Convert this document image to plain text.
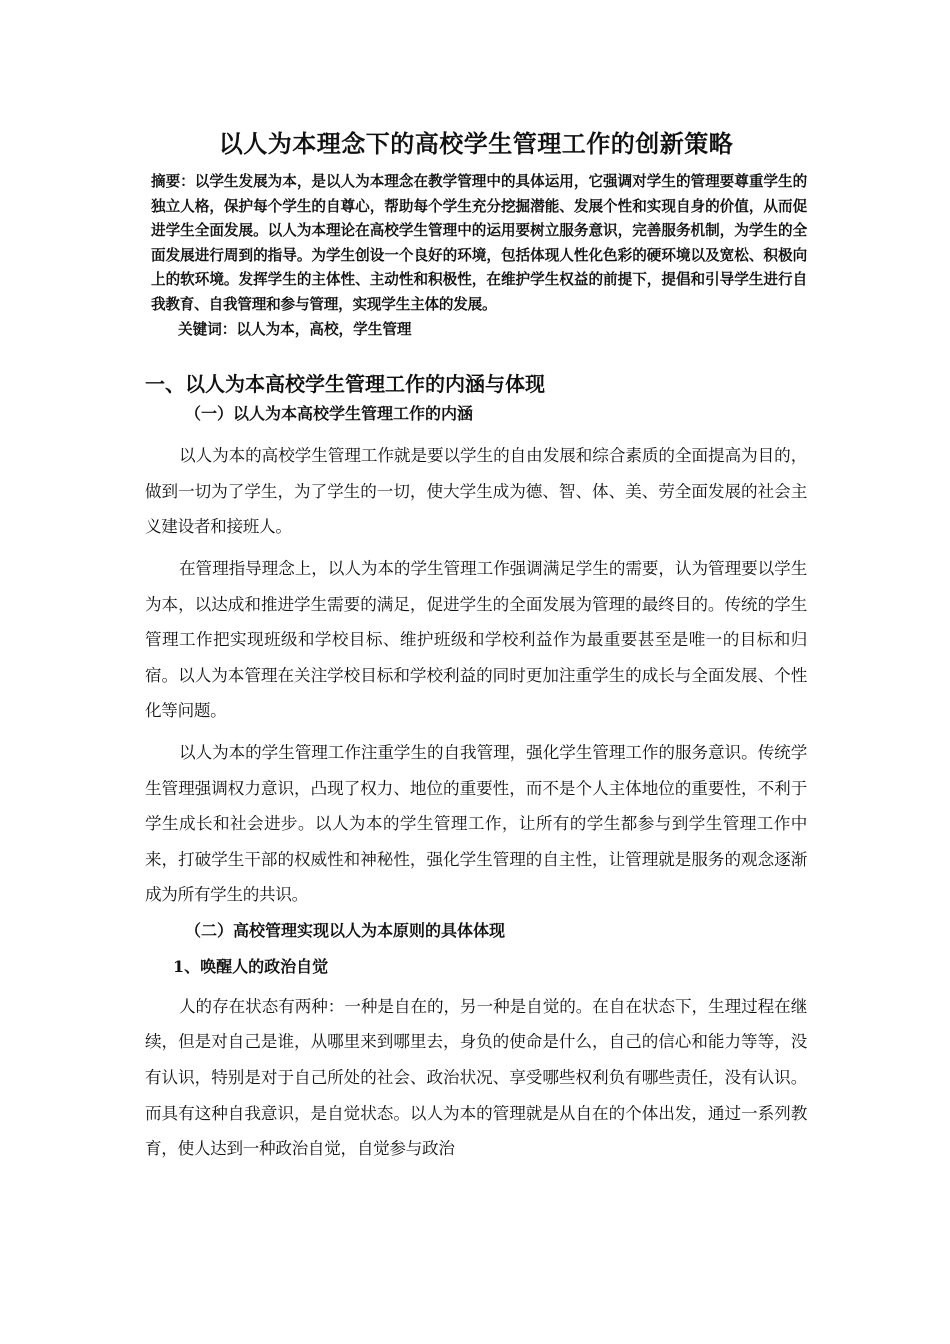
以人为本理念下的高校学生管理工作的创新策略

摘要：以学生发展为本，是以人为本理念在教学管理中的具体运用，它强调对学生的管理要尊重学生的独立人格，保护每个学生的自尊心，帮助每个学生充分挖掘潜能、发展个性和实现自身的价值，从而促进学生全面发展。以人为本理论在高校学生管理中的运用要树立服务意识，完善服务机制，为学生的全面发展进行周到的指导。为学生创设一个良好的环境，包括体现人性化色彩的硬环境以及宽松、积极向上的软环境。发挥学生的主体性、主动性和积极性，在维护学生权益的前提下，提倡和引导学生进行自我教育、自我管理和参与管理，实现学生主体的发展。

关键词：以人为本，高校，学生管理

一、以人为本高校学生管理工作的内涵与体现
（一）以人为本高校学生管理工作的内涵

以人为本的高校学生管理工作就是要以学生的自由发展和综合素质的全面提高为目的，做到一切为了学生，为了学生的一切，使大学生成为德、智、体、美、劳全面发展的社会主义建设者和接班人。

在管理指导理念上，以人为本的学生管理工作强调满足学生的需要，认为管理要以学生为本，以达成和推进学生需要的满足，促进学生的全面发展为管理的最终目的。传统的学生管理工作把实现班级和学校目标、维护班级和学校利益作为最重要甚至是唯一的目标和归宿。以人为本管理在关注学校目标和学校利益的同时更加注重学生的成长与全面发展、个性化等问题。

以人为本的学生管理工作注重学生的自我管理，强化学生管理工作的服务意识。传统学生管理强调权力意识，凸现了权力、地位的重要性，而不是个人主体地位的重要性，不利于学生成长和社会进步。以人为本的学生管理工作，让所有的学生都参与到学生管理工作中来，打破学生干部的权威性和神秘性，强化学生管理的自主性，让管理就是服务的观念逐渐成为所有学生的共识。

（二）高校管理实现以人为本原则的具体体现
1、唤醒人的政治自觉

人的存在状态有两种：一种是自在的，另一种是自觉的。在自在状态下，生理过程在继续，但是对自己是谁，从哪里来到哪里去，身负的使命是什么，自己的信心和能力等等，没有认识，特别是对于自己所处的社会、政治状况、享受哪些权利负有哪些责任，没有认识。而具有这种自我意识，是自觉状态。以人为本的管理就是从自在的个体出发，通过一系列教育，使人达到一种政治自觉，自觉参与政治
